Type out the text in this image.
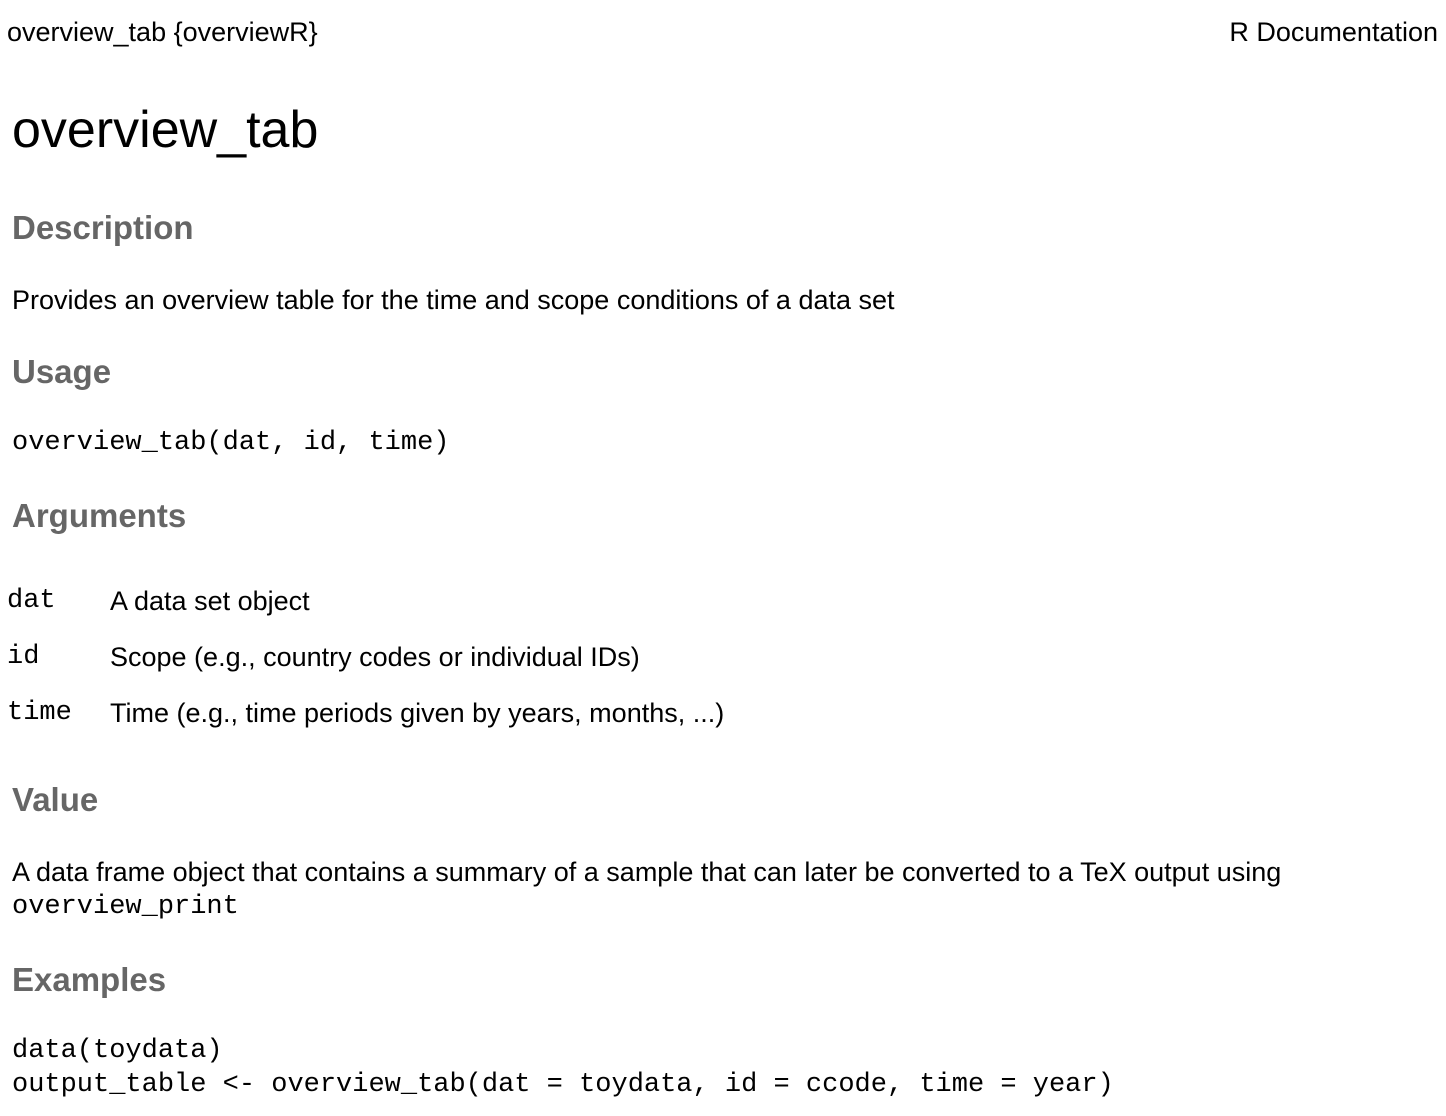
overview_tab {overviewR}	R Documentation
overview_tab
Description

Provides an overview table for the time and scope conditions of a data set

Usage
overview_tab(dat, id, time)
Arguments
dat	A data set object
id	Scope (e.g., country codes or individual IDs)
time	Time (e.g., time periods given by years, months, ...)
Value

A data frame object that contains a summary of a sample that can later be converted to a TeX output using

overview_print
Examples
data(toydata)
output_table <- overview_tab(dat = toydata, id = ccode, time = year)
